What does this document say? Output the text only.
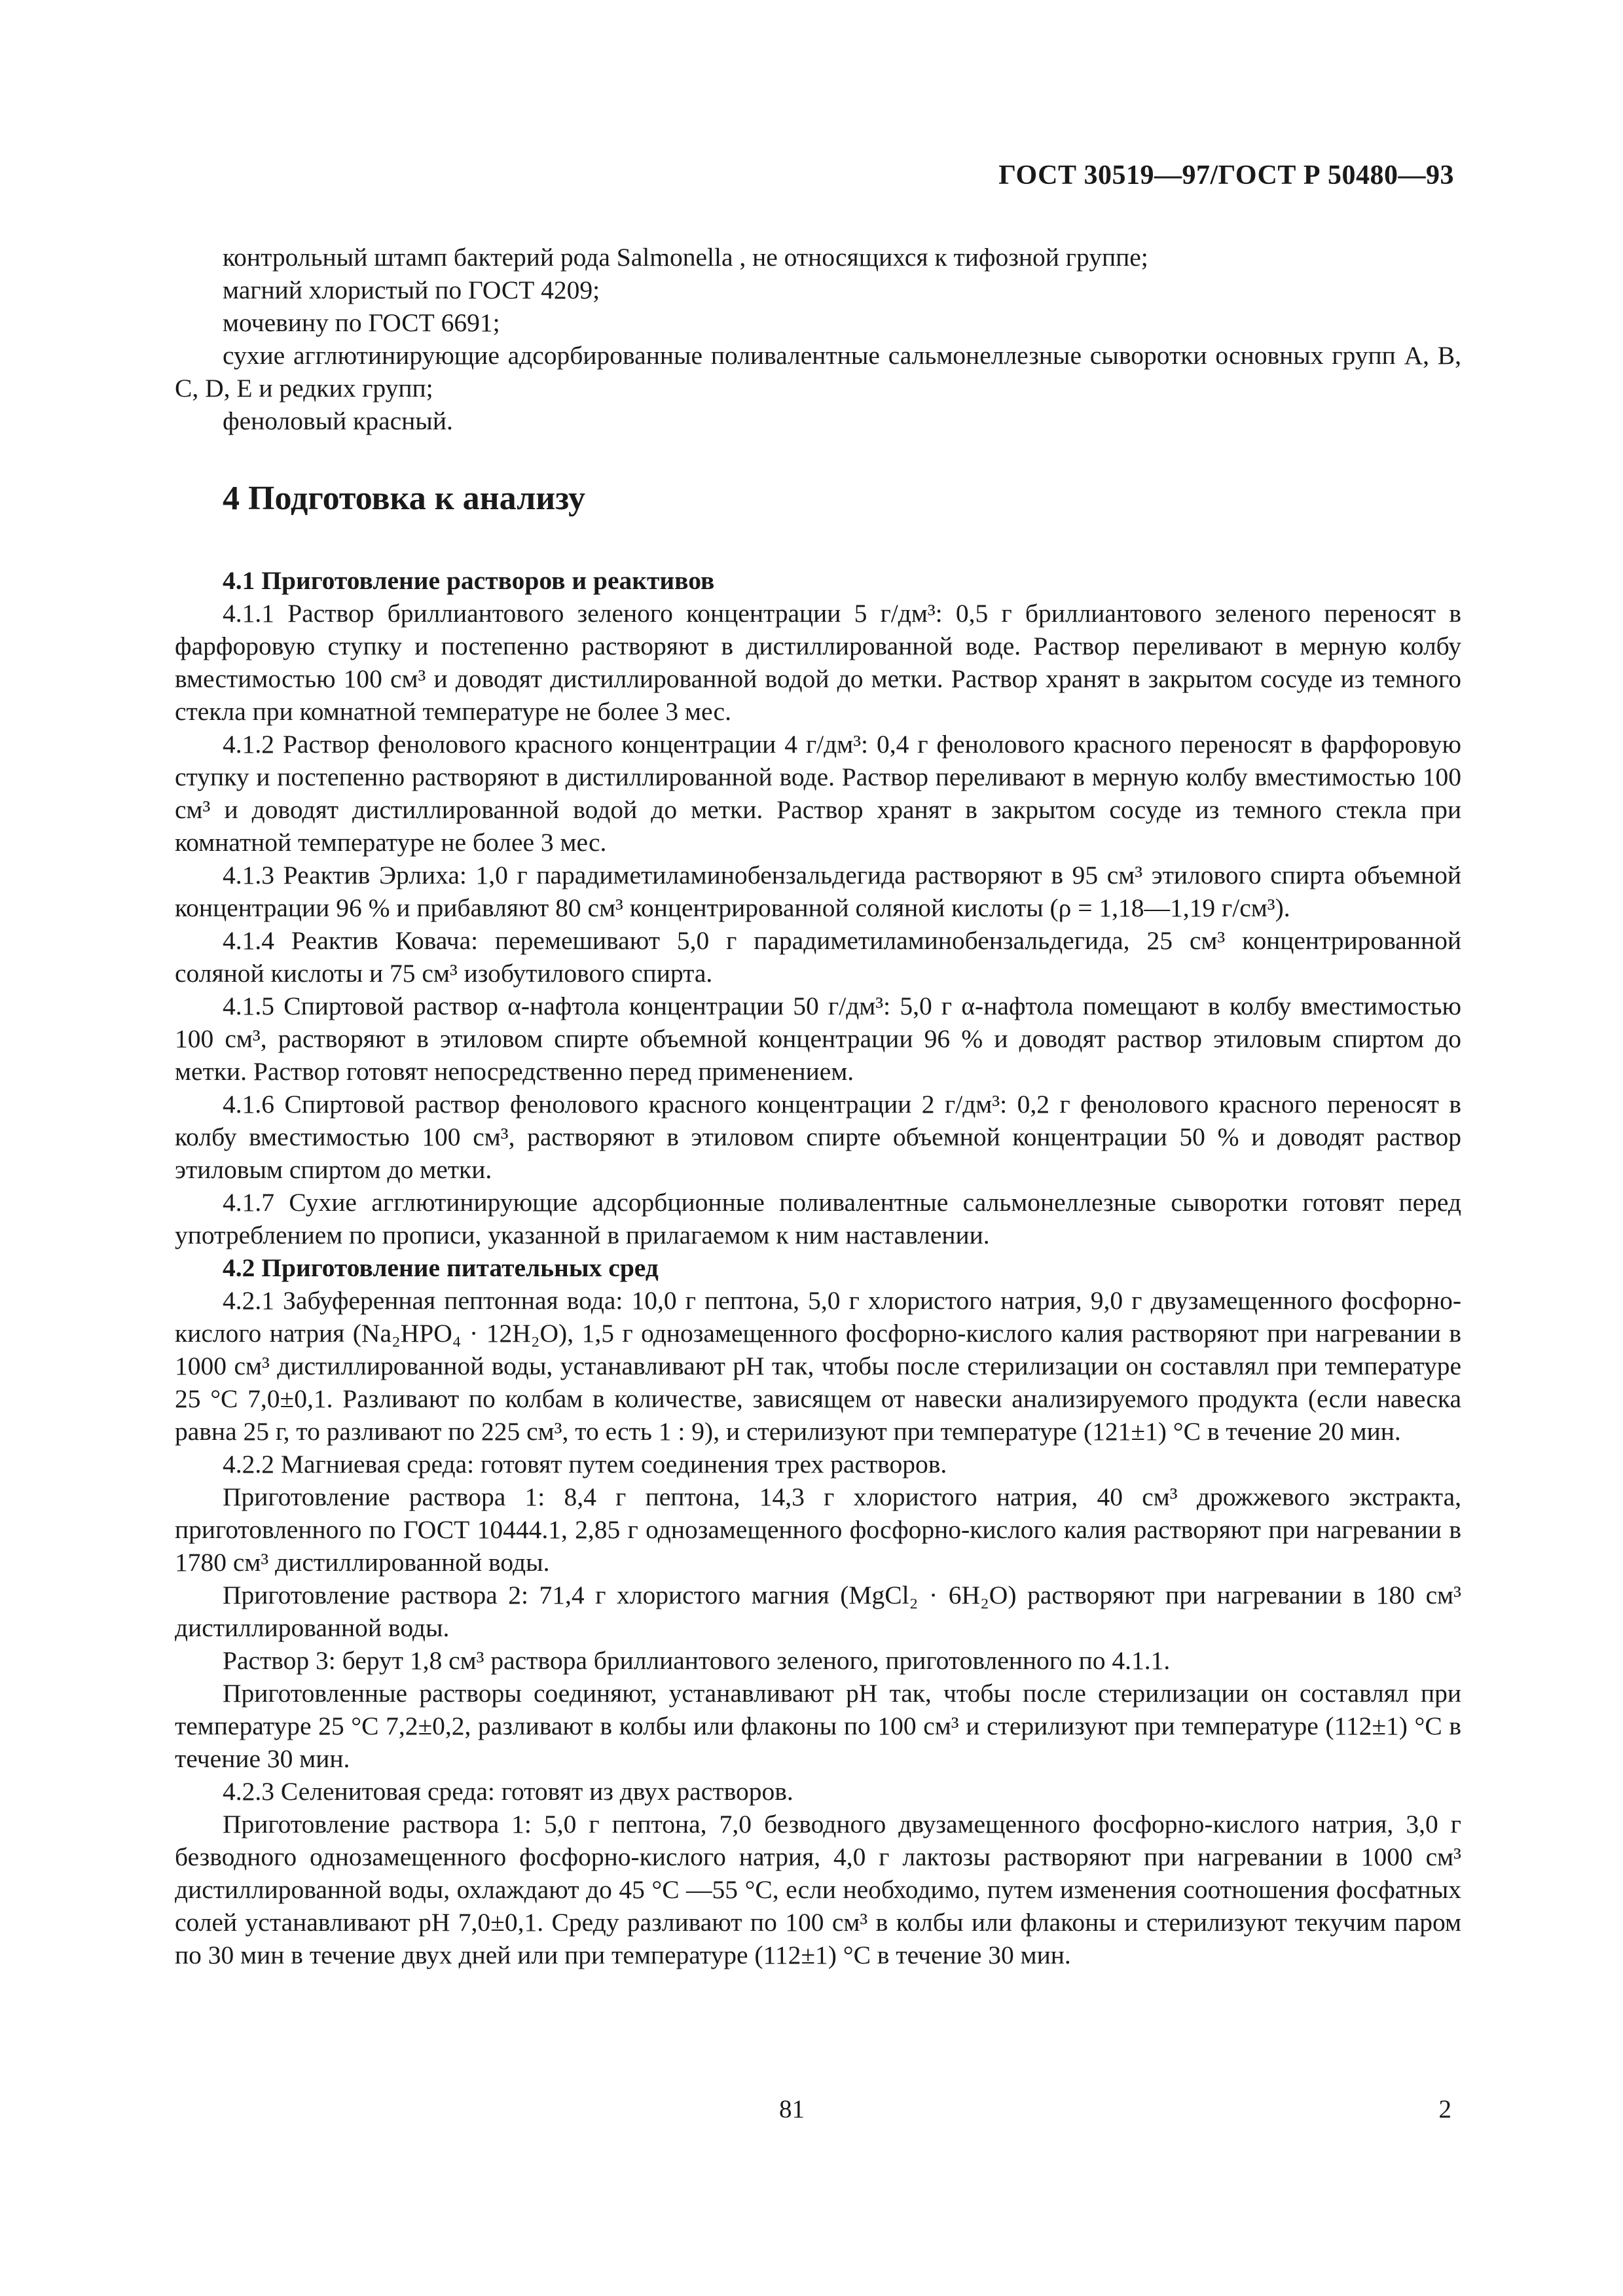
ГОСТ 30519—97/ГОСТ Р 50480—93

контрольный штамп бактерий рода Salmonella , не относящихся к тифозной группе;

магний хлористый по ГОСТ 4209;

мочевину по ГОСТ 6691;

сухие агглютинирующие адсорбированные поливалентные сальмонеллезные сыворотки основных групп A, B, C, D, E и редких групп;

феноловый красный.

4 Подготовка к анализу

4.1 Приготовление растворов и реактивов

4.1.1 Раствор бриллиантового зеленого концентрации 5 г/дм³: 0,5 г бриллиантового зеленого переносят в фарфоровую ступку и постепенно растворяют в дистиллированной воде. Раствор переливают в мерную колбу вместимостью 100 см³ и доводят дистиллированной водой до метки. Раствор хранят в закрытом сосуде из темного стекла при комнатной температуре не более 3 мес.

4.1.2 Раствор фенолового красного концентрации 4 г/дм³: 0,4 г фенолового красного переносят в фарфоровую ступку и постепенно растворяют в дистиллированной воде. Раствор переливают в мерную колбу вместимостью 100 см³ и доводят дистиллированной водой до метки. Раствор хранят в закрытом сосуде из темного стекла при комнатной температуре не более 3 мес.

4.1.3 Реактив Эрлиха: 1,0 г парадиметиламинобензальдегида растворяют в 95 см³ этилового спирта объемной концентрации 96 % и прибавляют 80 см³ концентрированной соляной кислоты (ρ = 1,18—1,19 г/см³).

4.1.4 Реактив Ковача: перемешивают 5,0 г парадиметиламинобензальдегида, 25 см³ концентрированной соляной кислоты и 75 см³ изобутилового спирта.

4.1.5 Спиртовой раствор α-нафтола концентрации 50 г/дм³: 5,0 г α-нафтола помещают в колбу вместимостью 100 см³, растворяют в этиловом спирте объемной концентрации 96 % и доводят раствор этиловым спиртом до метки. Раствор готовят непосредственно перед применением.

4.1.6 Спиртовой раствор фенолового красного концентрации 2 г/дм³: 0,2 г фенолового красного переносят в колбу вместимостью 100 см³, растворяют в этиловом спирте объемной концентрации 50 % и доводят раствор этиловым спиртом до метки.

4.1.7 Сухие агглютинирующие адсорбционные поливалентные сальмонеллезные сыворотки готовят перед употреблением по прописи, указанной в прилагаемом к ним наставлении.

4.2 Приготовление питательных сред

4.2.1 Забуференная пептонная вода: 10,0 г пептона, 5,0 г хлористого натрия, 9,0 г двузамещенного фосфорно-кислого натрия (Na₂HPO₄ · 12H₂O), 1,5 г однозамещенного фосфорно-кислого калия растворяют при нагревании в 1000 см³ дистиллированной воды, устанавливают pH так, чтобы после стерилизации он составлял при температуре 25 °С 7,0±0,1. Разливают по колбам в количестве, зависящем от навески анализируемого продукта (если навеска равна 25 г, то разливают по 225 см³, то есть 1 : 9), и стерилизуют при температуре (121±1) °С в течение 20 мин.

4.2.2 Магниевая среда: готовят путем соединения трех растворов.

Приготовление раствора 1: 8,4 г пептона, 14,3 г хлористого натрия, 40 см³ дрожжевого экстракта, приготовленного по ГОСТ 10444.1, 2,85 г однозамещенного фосфорно-кислого калия растворяют при нагревании в 1780 см³ дистиллированной воды.

Приготовление раствора 2: 71,4 г хлористого магния (MgCl₂ · 6H₂O) растворяют при нагревании в 180 см³ дистиллированной воды.

Раствор 3: берут 1,8 см³ раствора бриллиантового зеленого, приготовленного по 4.1.1.

Приготовленные растворы соединяют, устанавливают pH так, чтобы после стерилизации он составлял при температуре 25 °С 7,2±0,2, разливают в колбы или флаконы по 100 см³ и стерилизуют при температуре (112±1) °С в течение 30 мин.

4.2.3 Селенитовая среда: готовят из двух растворов.

Приготовление раствора 1: 5,0 г пептона, 7,0 безводного двузамещенного фосфорно-кислого натрия, 3,0 г безводного однозамещенного фосфорно-кислого натрия, 4,0 г лактозы растворяют при нагревании в 1000 см³ дистиллированной воды, охлаждают до 45 °С —55 °С, если необходимо, путем изменения соотношения фосфатных солей устанавливают pH 7,0±0,1. Среду разливают по 100 см³ в колбы или флаконы и стерилизуют текучим паром по 30 мин в течение двух дней или при температуре (112±1) °С в течение 30 мин.

81	2
